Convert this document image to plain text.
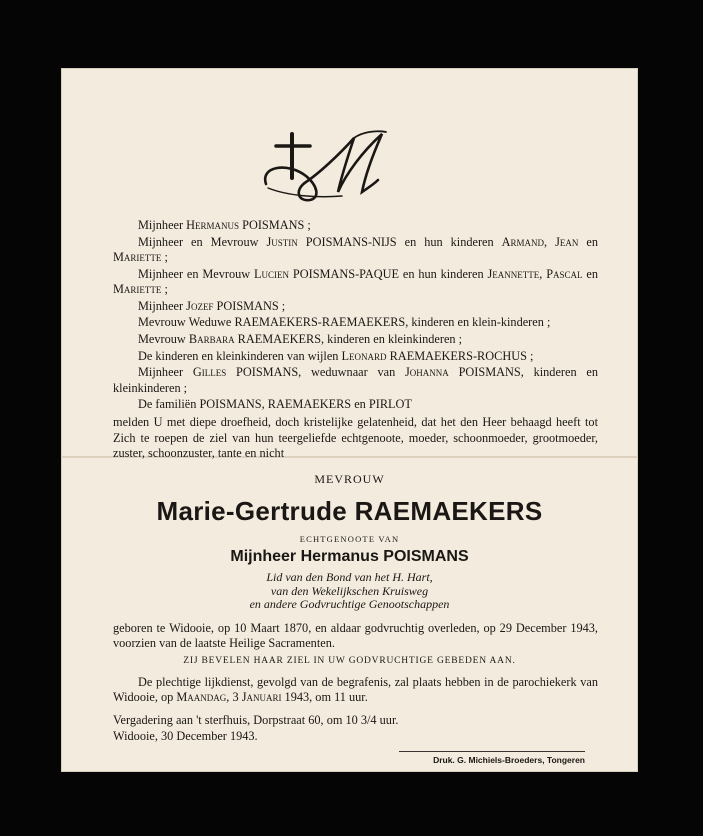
Mijnheer Hermanus POISMANS ;

Mijnheer en Mevrouw Justin POISMANS-NIJS en hun kinderen Armand, Jean en Mariette ;

Mijnheer en Mevrouw Lucien POISMANS-PAQUE en hun kinderen Jeannette, Pascal en Mariette ;

Mijnheer Jozef POISMANS ;

Mevrouw Weduwe RAEMAEKERS-RAEMAEKERS, kinderen en klein-kinderen ;

Mevrouw Barbara RAEMAEKERS, kinderen en kleinkinderen ;

De kinderen en kleinkinderen van wijlen Leonard RAEMAEKERS-ROCHUS ;

Mijnheer Gilles POISMANS, weduwnaar van Johanna POISMANS, kinderen en kleinkinderen ;

De familiën POISMANS, RAEMAEKERS en PIRLOT

melden U met diepe droefheid, doch kristelijke gelatenheid, dat het den Heer behaagd heeft tot Zich te roepen de ziel van hun teergeliefde echtgenoote, moeder, schoonmoeder, grootmoeder, zuster, schoonzuster, tante en nicht

MEVROUW
Marie-Gertrude RAEMAEKERS
ECHTGENOOTE VAN
Mijnheer Hermanus POISMANS
Lid van den Bond van het H. Hart,
van den Wekelijkschen Kruisweg
en andere Godvruchtige Genootschappen

geboren te Widooie, op 10 Maart 1870, en aldaar godvruchtig overleden, op 29 December 1943, voorzien van de laatste Heilige Sacramenten.

ZIJ BEVELEN HAAR ZIEL IN UW GODVRUCHTIGE GEBEDEN AAN.

De plechtige lijkdienst, gevolgd van de begrafenis, zal plaats hebben in de parochiekerk van Widooie, op Maandag, 3 Januari 1943, om 11 uur.

Vergadering aan 't sterfhuis, Dorpstraat 60, om 10 3/4 uur.

Widooie, 30 December 1943.

Druk. G. Michiels-Broeders, Tongeren
